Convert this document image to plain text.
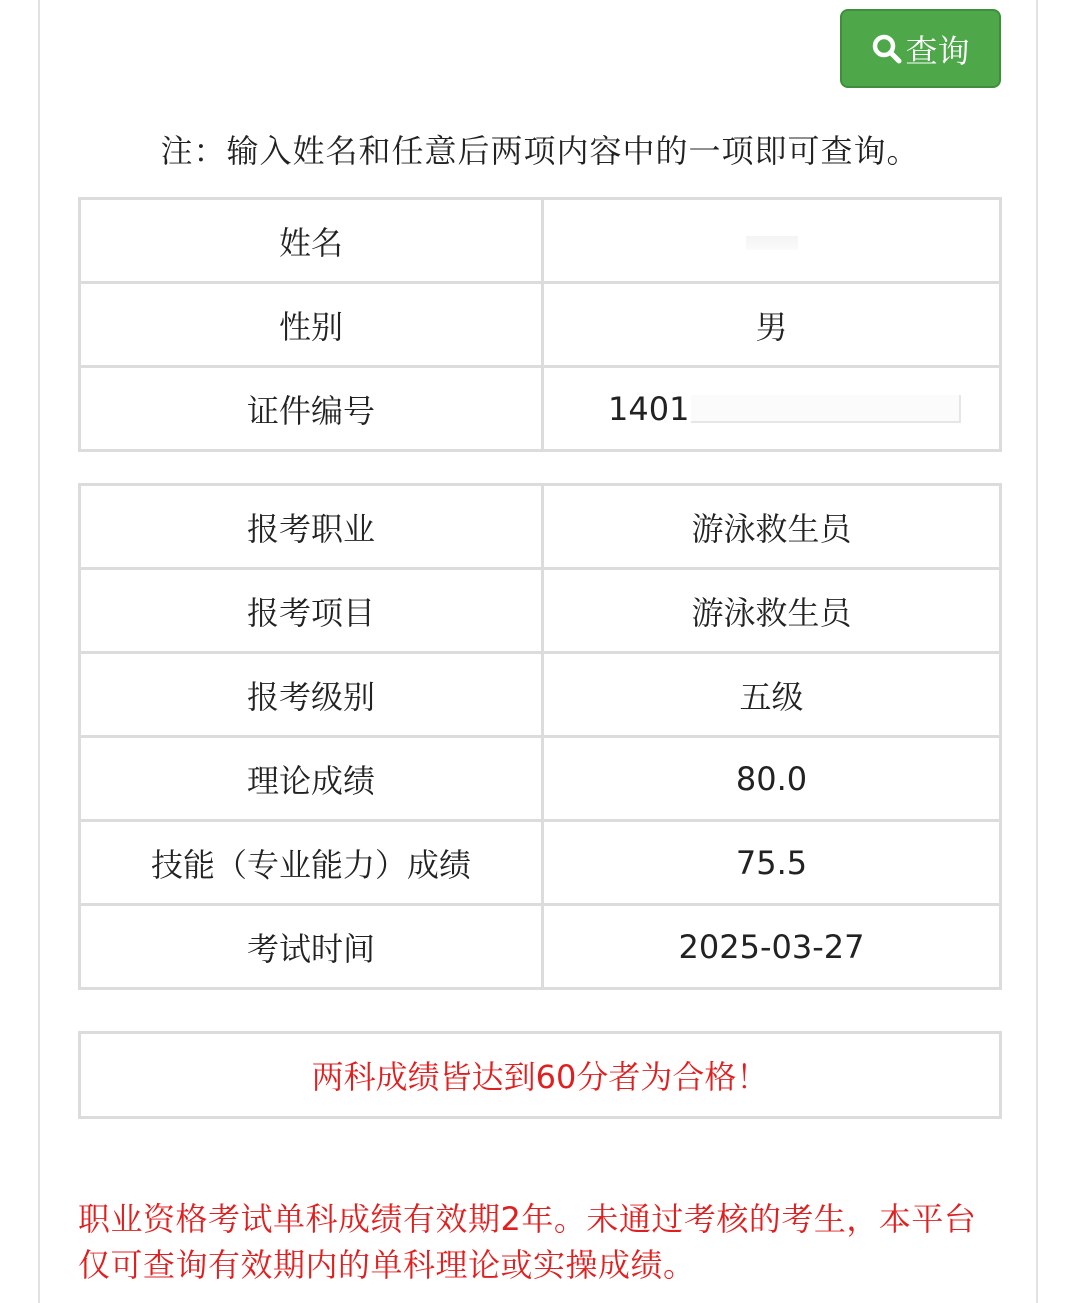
查询
注：输入姓名和任意后两项内容中的一项即可查询。
姓名	
性别	男
证件编号	140 1
报考职业	游泳救生员
报考项目	游泳救生员
报考级别	五级
理论成绩	80.0
技能（专业能力）成绩	75.5
考试时间	2025-03-27
两科成绩皆达到60分者为合格！
职业资格考试单科成绩有效期2年。未通过考核的考生，本平台仅可查询有效期内的单科理论或实操成绩。
